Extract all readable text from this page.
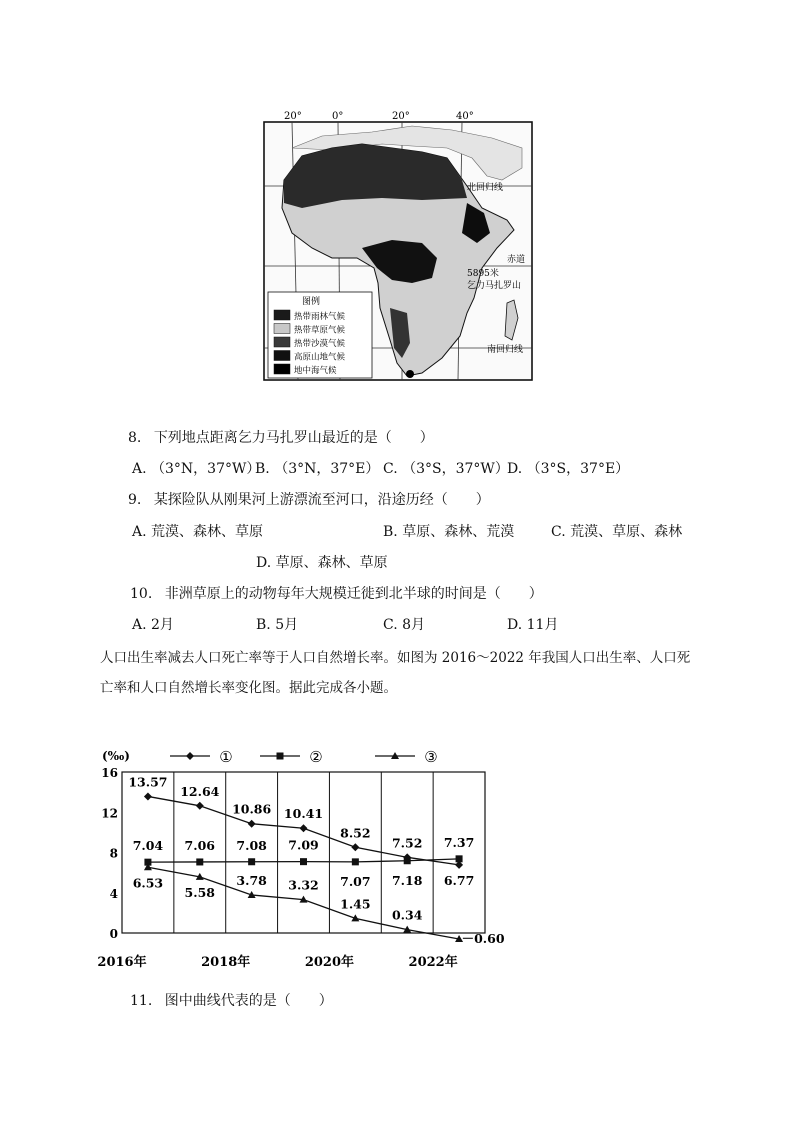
20°	0°	20°	40°
北回归线
赤道
5895米
乞力马扎罗山
南回归线
图例
热带雨林气候
热带草原气候
热带沙漠气候
高原山地气候
地中海气候
8. 下列地点距离乞力马扎罗山最近的是（　　）
A. （3°N，37°W）
B. （3°N，37°E） C. （3°S，37°W）
D. （3°S，37°E）
9. 某探险队从刚果河上游漂流至河口，沿途历经（　　）
A. 荒漠、森林、草原	B. 草原、森林、荒漠	C. 荒漠、草原、森林
D. 草原、森林、草原
10. 非洲草原上的动物每年大规模迁徙到北半球的时间是（　　）
A. 2月	B. 5月	C. 8月	D. 11月
人口出生率减去人口死亡率等于人口自然增长率。如图为 2016～2022 年我国人口出生率、人口死
亡率和人口自然增长率变化图。据此完成各小题。
(‰)
0
4
8
12
16
2016年	2018年	2020年	2022年
13.57
12.64
10.86 10.41
8.52
7.52
6.77
7.04 7.06 7.08 7.09
7.07 7.18
7.37
6.53
5.58
3.78 3.32
1.45
0.34
－0.60
①	②	③
11. 图中曲线代表的是（　　）
